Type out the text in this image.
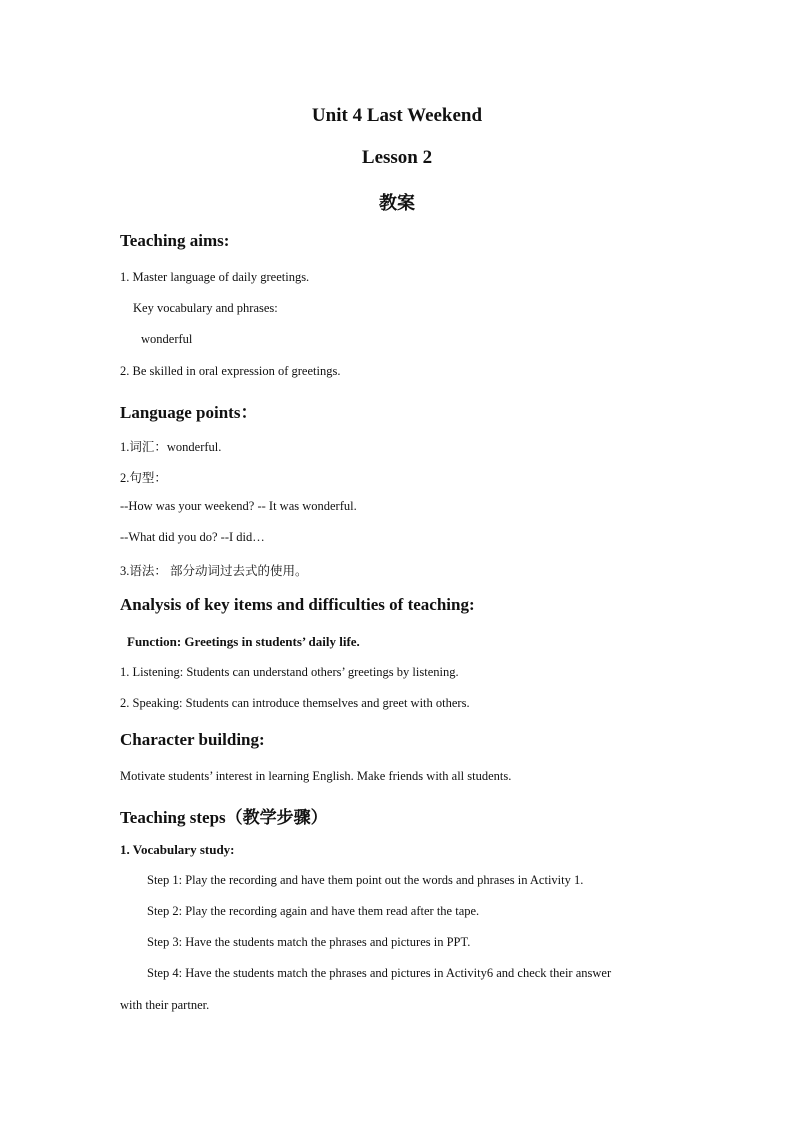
Unit 4 Last Weekend
Lesson 2
教案
Teaching aims:
1. Master language of daily greetings.
Key vocabulary and phrases:
wonderful
2. Be skilled in oral expression of greetings.
Language points：
1.词汇：wonderful.
2.句型：
--How was your weekend? -- It was wonderful.
--What did you do? --I did…
3.语法： 部分动词过去式的使用。
Analysis of key items and difficulties of teaching:
Function: Greetings in students’ daily life.
1. Listening: Students can understand others’ greetings by listening.
2. Speaking: Students can introduce themselves and greet with others.
Character building:
Motivate students’ interest in learning English. Make friends with all students.
Teaching steps（教学步骤）
1. Vocabulary study:
Step 1: Play the recording and have them point out the words and phrases in Activity 1.
Step 2: Play the recording again and have them read after the tape.
Step 3: Have the students match the phrases and pictures in PPT.
Step 4: Have the students match the phrases and pictures in Activity6 and check their answer
with their partner.
